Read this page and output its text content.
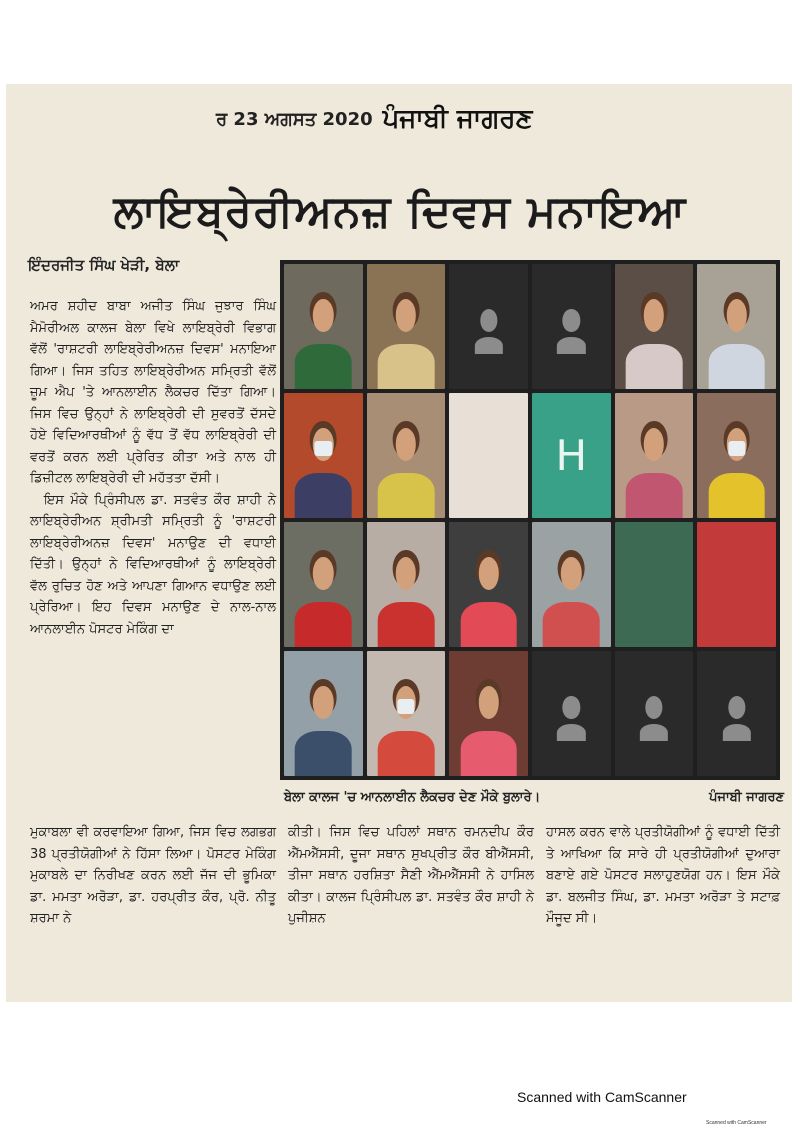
ਰ 23 ਅਗਸਤ 2020 ਪੰਜਾਬੀ ਜਾਗਰਣ
ਲਾਇਬ੍ਰੇਰੀਅਨਜ਼ ਦਿਵਸ ਮਨਾਇਆ
ਇੰਦਰਜੀਤ ਸਿੰਘ ਖੇੜੀ, ਬੇਲਾ

ਅਮਰ ਸ਼ਹੀਦ ਬਾਬਾ ਅਜੀਤ ਸਿੰਘ ਜੁਝਾਰ ਸਿੰਘ ਮੈਮੋਰੀਅਲ ਕਾਲਜ ਬੇਲਾ ਵਿਖੇ ਲਾਇਬ੍ਰੇਰੀ ਵਿਭਾਗ ਵੱਲੋਂ 'ਰਾਸ਼ਟਰੀ ਲਾਇਬ੍ਰੇਰੀਅਨਜ਼ ਦਿਵਸ' ਮਨਾਇਆ ਗਿਆ। ਜਿਸ ਤਹਿਤ ਲਾਇਬ੍ਰੇਰੀਅਨ ਸਮ੍ਰਿਤੀ ਵੱਲੋਂ ਜ਼ੂਮ ਐਪ 'ਤੇ ਆਨਲਾਈਨ ਲੈਕਚਰ ਦਿੱਤਾ ਗਿਆ। ਜਿਸ ਵਿਚ ਉਨ੍ਹਾਂ ਨੇ ਲਾਇਬ੍ਰੇਰੀ ਦੀ ਸੁਵਰਤੋਂ ਦੱਸਦੇ ਹੋਏ ਵਿਦਿਆਰਥੀਆਂ ਨੂੰ ਵੱਧ ਤੋਂ ਵੱਧ ਲਾਇਬ੍ਰੇਰੀ ਦੀ ਵਰਤੋਂ ਕਰਨ ਲਈ ਪ੍ਰੇਰਿਤ ਕੀਤਾ ਅਤੇ ਨਾਲ ਹੀ ਡਿਜ਼ੀਟਲ ਲਾਇਬ੍ਰੇਰੀ ਦੀ ਮਹੱਤਤਾ ਦੱਸੀ।

ਇਸ ਮੌਕੇ ਪ੍ਰਿੰਸੀਪਲ ਡਾ. ਸਤਵੰਤ ਕੌਰ ਸ਼ਾਹੀ ਨੇ ਲਾਇਬ੍ਰੇਰੀਅਨ ਸ਼੍ਰੀਮਤੀ ਸਮ੍ਰਿਤੀ ਨੂੰ 'ਰਾਸ਼ਟਰੀ ਲਾਇਬ੍ਰੇਰੀਅਨਜ਼ ਦਿਵਸ' ਮਨਾਉਣ ਦੀ ਵਧਾਈ ਦਿੱਤੀ। ਉਨ੍ਹਾਂ ਨੇ ਵਿਦਿਆਰਥੀਆਂ ਨੂੰ ਲਾਇਬ੍ਰੇਰੀ ਵੱਲ ਰੁਚਿਤ ਹੋਣ ਅਤੇ ਆਪਣਾ ਗਿਆਨ ਵਧਾਉਣ ਲਈ ਪ੍ਰੇਰਿਆ। ਇਹ ਦਿਵਸ ਮਨਾਉਣ ਦੇ ਨਾਲ-ਨਾਲ ਆਨਲਾਈਨ ਪੋਸਟਰ ਮੇਕਿੰਗ ਦਾ

H
ਬੇਲਾ ਕਾਲਜ 'ਚ ਆਨਲਾਈਨ ਲੈਕਚਰ ਦੇਣ ਮੌਕੇ ਬੁਲਾਰੇ।	ਪੰਜਾਬੀ ਜਾਗਰਣ
ਮੁਕਾਬਲਾ ਵੀ ਕਰਵਾਇਆ ਗਿਆ, ਜਿਸ ਵਿਚ ਲਗਭਗ 38 ਪ੍ਰਤੀਯੋਗੀਆਂ ਨੇ ਹਿੱਸਾ ਲਿਆ। ਪੋਸਟਰ ਮੇਕਿੰਗ ਮੁਕਾਬਲੇ ਦਾ ਨਿਰੀਖਣ ਕਰਨ ਲਈ ਜੱਜ ਦੀ ਭੂਮਿਕਾ ਡਾ. ਮਮਤਾ ਅਰੋੜਾ, ਡਾ. ਹਰਪ੍ਰੀਤ ਕੌਰ, ਪ੍ਰੋ. ਨੀਤੂ ਸ਼ਰਮਾ ਨੇ
ਕੀਤੀ। ਜਿਸ ਵਿਚ ਪਹਿਲਾਂ ਸਥਾਨ ਰਮਨਦੀਪ ਕੌਰ ਐੱਮਐੱਸਸੀ, ਦੂਜਾ ਸਥਾਨ ਸੁਖਪ੍ਰੀਤ ਕੌਰ ਬੀਐੱਸਸੀ, ਤੀਜਾ ਸਥਾਨ ਹਰਸ਼ਿਤਾ ਸੈਣੀ ਐੱਮਐੱਸਸੀ ਨੇ ਹਾਸਿਲ ਕੀਤਾ। ਕਾਲਜ ਪ੍ਰਿੰਸੀਪਲ ਡਾ. ਸਤਵੰਤ ਕੌਰ ਸ਼ਾਹੀ ਨੇ ਪੁਜੀਸ਼ਨ
ਹਾਸਲ ਕਰਨ ਵਾਲੇ ਪ੍ਰਤੀਯੋਗੀਆਂ ਨੂੰ ਵਧਾਈ ਦਿੱਤੀ ਤੇ ਆਖਿਆ ਕਿ ਸਾਰੇ ਹੀ ਪ੍ਰਤੀਯੋਗੀਆਂ ਦੁਆਰਾ ਬਣਾਏ ਗਏ ਪੋਸਟਰ ਸਲਾਹੁਣਯੋਗ ਹਨ। ਇਸ ਮੌਕੇ ਡਾ. ਬਲਜੀਤ ਸਿੰਘ, ਡਾ. ਮਮਤਾ ਅਰੋੜਾ ਤੇ ਸਟਾਫ਼ ਮੌਜੂਦ ਸੀ।
Scanned with CamScanner
Scanned with CamScanner
